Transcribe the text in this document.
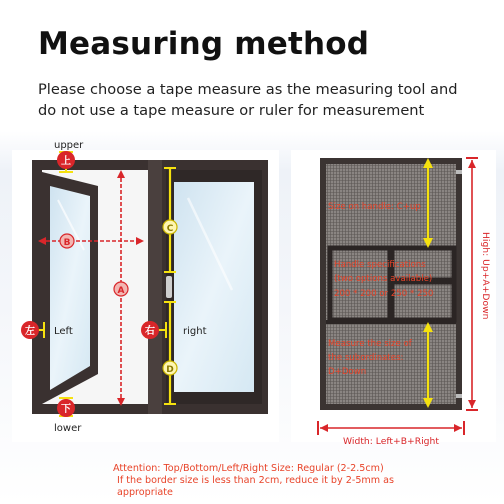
Measuring method
Please choose a tape measure as the measuring tool and do not use a tape measure or ruler for measurement
上
下
左	右
B
A
C
D
upper
lower
Left	right
Size on handle: C+up
Handle specifications
(two options available)
200 * 200 or 250 * 250
Measure the size of
the subordinates:
D+Down
Width: Left+B+Right
High: Up+A+Down
Attention: Top/Bottom/Left/Right Size: Regular (2-2.5cm)
If the border size is less than 2cm, reduce it by 2-5mm as appropriate
